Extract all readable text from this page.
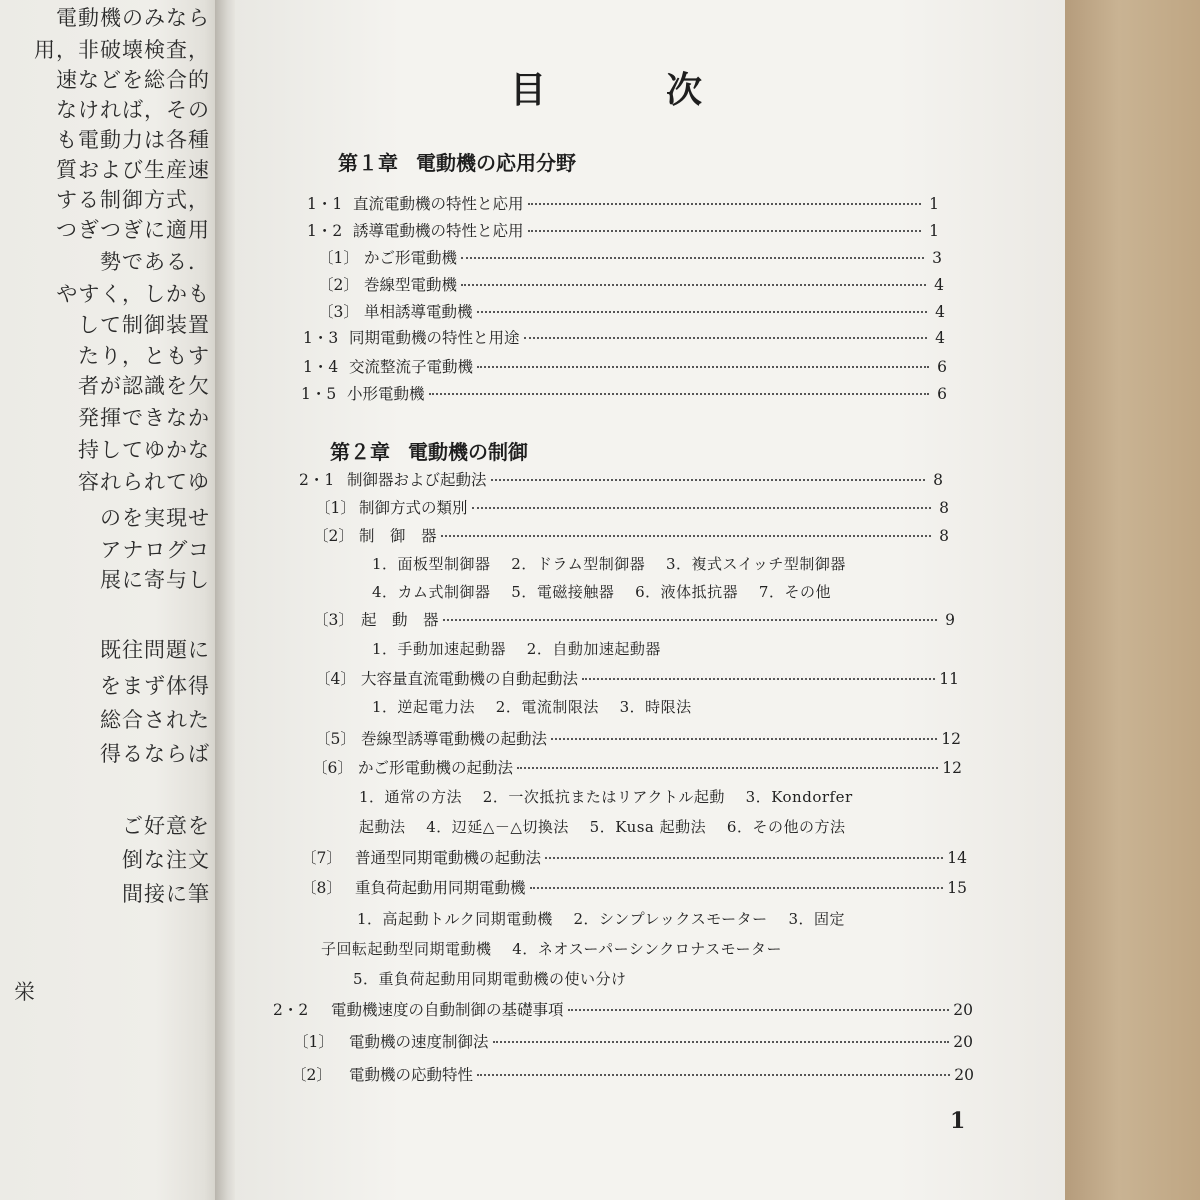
電動機のみなら
用，非破壊検査，
速などを総合的
なければ，その
も電動力は各種
質および生産速
する制御方式，
つぎつぎに適用
勢である．
やすく，しかも
して制御装置
たり，ともす
者が認識を欠
発揮できなか
持してゆかな
容れられてゆ
のを実現せ
アナログコ
展に寄与し
既往問題に
をまず体得
総合された
得るならば
ご好意を
倒な注文
間接に筆
栄
目次
第１章 電動機の応用分野
1・1 直流電動機の特性と応用	1
1・2 誘導電動機の特性と応用	1
〔1〕 かご形電動機	3
〔2〕 巻線型電動機	4
〔3〕 単相誘導電動機	4
1・3 同期電動機の特性と用途	4
1・4 交流整流子電動機	6
1・5 小形電動機	6
第２章 電動機の制御
2・1 制御器および起動法	8
〔1〕 制御方式の類別	8
〔2〕 制　御　器	8
1．面板型制御器　 2．ドラム型制御器　 3．複式スイッチ型制御器
4．カム式制御器　 5．電磁接触器　 6．液体抵抗器　 7．その他
〔3〕 起　動　器	9
1．手動加速起動器　 2．自動加速起動器
〔4〕 大容量直流電動機の自動起動法	11
1．逆起電力法　 2．電流制限法　 3．時限法
〔5〕 巻線型誘導電動機の起動法	12
〔6〕 かご形電動機の起動法	12
1．通常の方法　 2．一次抵抗またはリアクトル起動　 3．Kondorfer
起動法　 4．辺延△－△切換法　 5．Kusa 起動法　 6．その他の方法
〔7〕 普通型同期電動機の起動法	14
〔8〕 重負荷起動用同期電動機	15
1．高起動トルク同期電動機　 2．シンプレックスモーター　 3．固定
子回転起動型同期電動機　 4．ネオスーパーシンクロナスモーター
5．重負荷起動用同期電動機の使い分け
2・2	電動機速度の自動制御の基礎事項	20
〔1〕 電動機の速度制御法	20
〔2〕	電動機の応動特性	20
1
